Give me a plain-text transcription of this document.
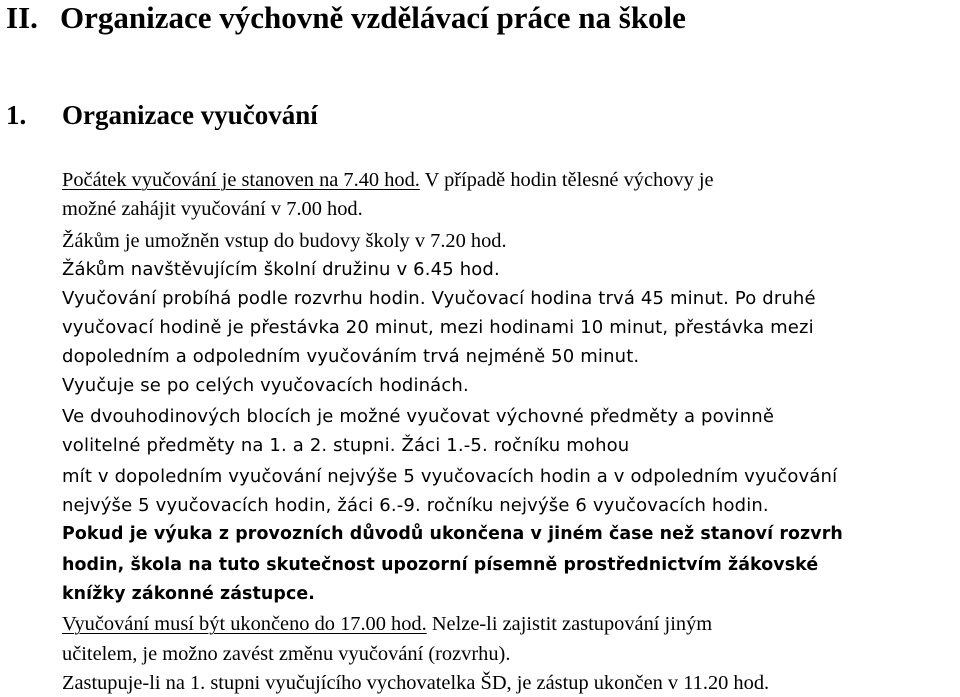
II. Organizace výchovně vzdělávací práce na škole
1. Organizace vyučování
Počátek vyučování je stanoven na 7.40 hod. V případě hodin tělesné výchovy je
možné zahájit vyučování v 7.00 hod.
Žákům je umožněn vstup do budovy školy v 7.20 hod.
Žákům navštěvujícím školní družinu v 6.45 hod.
Vyučování probíhá podle rozvrhu hodin. Vyučovací hodina trvá 45 minut. Po druhé
vyučovací hodině je přestávka 20 minut, mezi hodinami 10 minut, přestávka mezi
dopoledním a odpoledním vyučováním trvá nejméně 50 minut.
Vyučuje se po celých vyučovacích hodinách.
Ve dvouhodinových blocích je možné vyučovat výchovné předměty a povinně
volitelné předměty na 1. a 2. stupni. Žáci 1.-5. ročníku mohou
mít v dopoledním vyučování nejvýše 5 vyučovacích hodin a v odpoledním vyučování
nejvýše 5 vyučovacích hodin, žáci 6.-9. ročníku nejvýše 6 vyučovacích hodin.
Pokud je výuka z provozních důvodů ukončena v jiném čase než stanoví rozvrh
hodin, škola na tuto skutečnost upozorní písemně prostřednictvím žákovské
knížky zákonné zástupce.
Vyučování musí být ukončeno do 17.00 hod. Nelze-li zajistit zastupování jiným
učitelem, je možno zavést změnu vyučování (rozvrhu).
Zastupuje-li na 1. stupni vyučujícího vychovatelka ŠD, je zástup ukončen v 11.20 hod.
